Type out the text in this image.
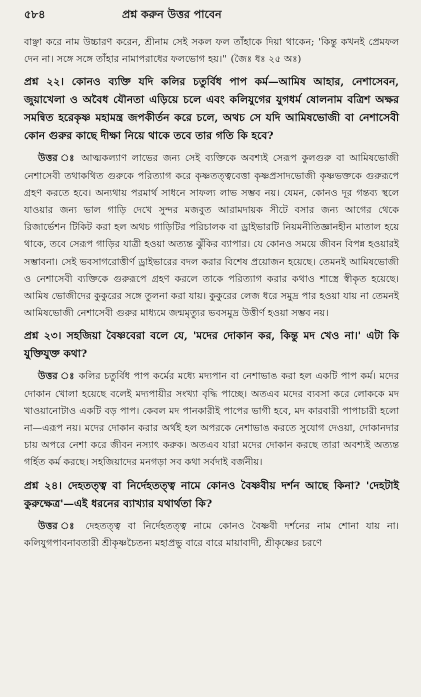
৫৮৪	প্রশ্ন করুন উত্তর পাবেন

বাঞ্ছা করে নাম উচ্চারণ করেন, শ্রীনাম সেই সকল ফল তাঁহাকে দিয়া থাকেন; 'কিন্তু কখনই প্রেমফল দেন না। সঙ্গে সঙ্গে তাঁহার নামাপরাধের ফলভোগ হয়।" (জৈঃ ধঃ ২৫ অঃ)

প্রশ্ন ২২। কোনও ব্যক্তি যদি কলির চতুর্বিধ পাপ কর্ম—আমিষ আহার, নেশাসেবন, জুয়াখেলা ও অবৈধ যৌনতা এড়িয়ে চলে এবং কলিযুগের যুগধর্ম ষোলনাম বত্রিশ অক্ষর সমন্বিত হরেকৃষ্ণ মহামন্ত্র জপকীর্তন করে চলে, অথচ সে যদি আমিষভোজী বা নেশাসেবী কোন গুরুর কাছে দীক্ষা নিয়ে থাকে তবে তার গতি কি হবে?

উত্তর ঃ আত্মকল্যাণ লাভের জন্য সেই ব্যক্তিকে অবশ্যই সেরূপ কুলগুরু বা আমিষভোজী নেশাসেবী তথাকথিত গুরুকে পরিত্যাগ করে কৃষ্ণতত্ত্ববেত্তা কৃষ্ণপ্রসাদভোজী কৃষ্ণভক্তকে গুরুরূপে গ্রহণ করতে হবে। অন্যথায় পরমার্থ সাধনে সাফল্য লাভ সম্ভব নয়। যেমন, কোনও দূর গন্তব্য স্থলে যাওয়ার জন্য ভাল গাড়ি দেখে সুন্দর মজবুত আরামদায়ক সীটে বসার জন্য আগের থেকে রিজার্ভেশন টিকিট করা হল অথচ গাড়িটির পরিচালক বা ড্রাইভারটি নিয়মনীতিজ্ঞানহীন মাতাল হয়ে থাকে, তবে সেরূপ গাড়ির যাত্রী হওয়া অত্যন্ত ঝুঁকির ব্যাপার। যে কোনও সময়ে জীবন বিপন্ন হওয়ারই সম্ভাবনা। সেই ভবসাগরোত্তীর্ণ ড্রাইভারের বদল করার বিশেষ প্রয়োজন হয়েছে। তেমনই আমিষভোজী ও নেশাসেবী ব্যক্তিকে গুরুরূপে গ্রহণ করলে তাকে পরিত্যাগ করার কথাও শাস্ত্রে স্বীকৃত হয়েছে। আমিষ ভোজীদের কুকুরের সঙ্গে তুলনা করা যায়। কুকুরের লেজ ধরে সমুদ্র পার হওয়া যায় না তেমনই আমিষভোজী নেশাসেবী গুরুর মাধ্যমে জন্মমৃত্যুর ভবসমুদ্র উত্তীর্ণ হওয়া সম্ভব নয়।

প্রশ্ন ২৩। সহজিয়া বৈষ্ণবেরা বলে যে, 'মদের দোকান কর, কিন্তু মদ খেও না।' এটা কি যুক্তিযুক্ত কথা?

উত্তর ঃ কলির চতুর্বিধ পাপ কর্মের মধ্যে মদ্যপান বা নেশাভাঙ করা হল একটি পাপ কর্ম। মদের দোকান খোলা হয়েছে বলেই মদ্যপায়ীর সংখ্যা বৃদ্ধি পাচ্ছে। অতএব মদের ব্যবসা করে লোককে মদ খাওয়ানোটাও একটি বড় পাপ। কেবল মদ পানকারীই পাপের ভাগী হবে, মদ কারবারী পাপাচারী হলো না—এরূপ নয়। মদের দোকান করার অর্থই হল অপরকে নেশাভাঙ করতে সুযোগ দেওয়া, দোকানদার চায় অপরে নেশা করে জীবন নস্যাৎ করুক। অতএব যারা মদের দোকান করছে তারা অবশ্যই অত্যন্ত গর্হিত কর্ম করছে। সহজিয়াদের মনগড়া সব কথা সর্বদাই বর্জনীয়।

প্রশ্ন ২৪। দেহতত্ত্ব বা নির্দেহতত্ত্ব নামে কোনও বৈষ্ণবীয় দর্শন আছে কিনা? 'দেহটাই কুরুক্ষেত্র'—এই ধরনের ব্যাখ্যার যথার্থতা কি?

উত্তর ঃ দেহতত্ত্ব বা নির্দেহতত্ত্ব নামে কোনও বৈষ্ণবী দর্শনের নাম শোনা যায় না। কলিযুগপাবনাবতারী শ্রীকৃষ্ণচৈতন্য মহাপ্রভু বারে বারে মায়াবাদী, শ্রীকৃষ্ণের চরণে
